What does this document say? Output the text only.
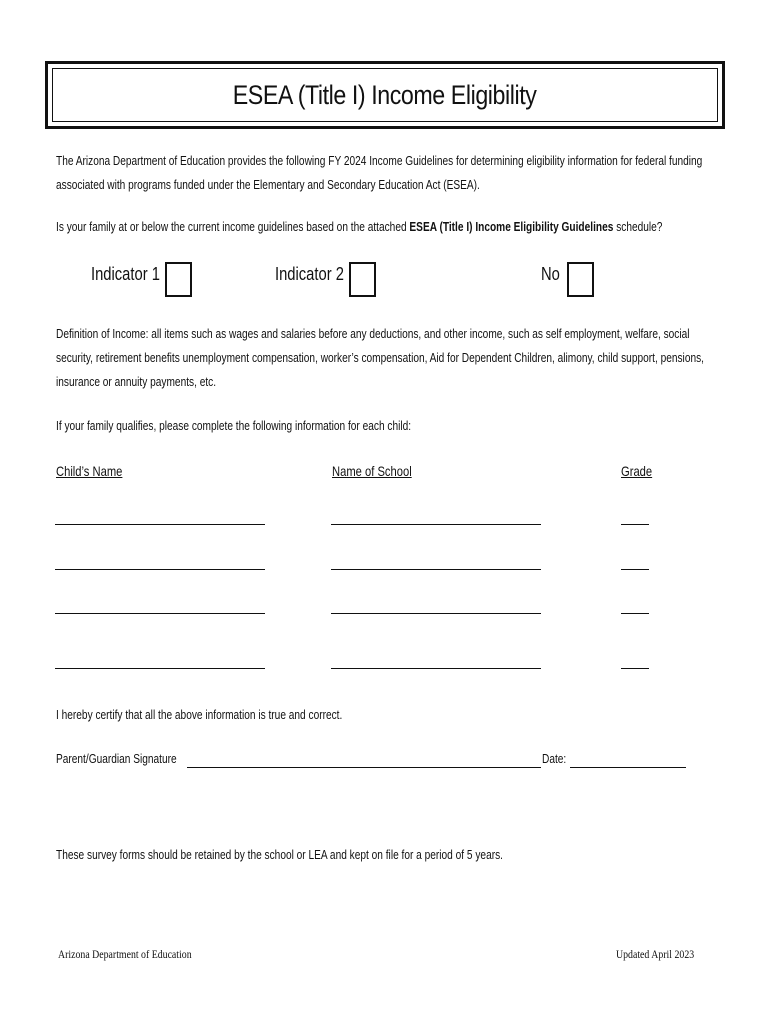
ESEA (Title I) Income Eligibility
The Arizona Department of Education provides the following FY 2024 Income Guidelines for determining eligibility information for federal funding associated with programs funded under the Elementary and Secondary Education Act (ESEA).
Is your family at or below the current income guidelines based on the attached ESEA (Title I) Income Eligibility Guidelines schedule?
Indicator 1	Indicator 2	No
Definition of Income: all items such as wages and salaries before any deductions, and other income, such as self employment, welfare, social security, retirement benefits unemployment compensation, worker’s compensation, Aid for Dependent Children, alimony, child support, pensions, insurance or annuity payments, etc.
If your family qualifies, please complete the following information for each child:
Child’s Name	Name of School	Grade
I hereby certify that all the above information is true and correct.
Parent/Guardian Signature	Date:
These survey forms should be retained by the school or LEA and kept on file for a period of 5 years.
Arizona Department of Education	Updated April 2023
